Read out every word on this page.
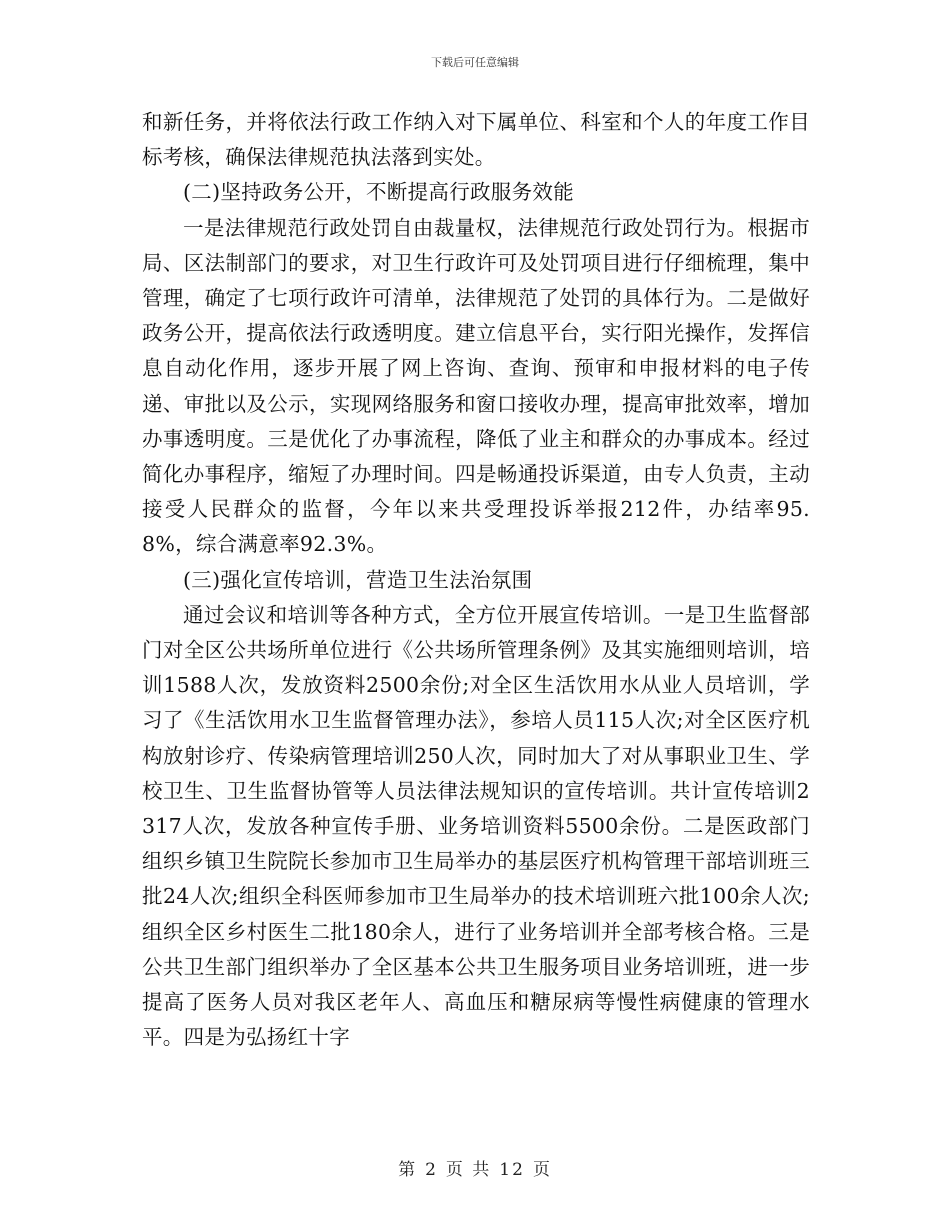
下载后可任意编辑

和新任务，并将依法行政工作纳入对下属单位、科室和个人的年度工作目标考核，确保法律规范执法落到实处。

(二)坚持政务公开，不断提高行政服务效能

一是法律规范行政处罚自由裁量权，法律规范行政处罚行为。根据市局、区法制部门的要求，对卫生行政许可及处罚项目进行仔细梳理，集中管理，确定了七项行政许可清单，法律规范了处罚的具体行为。二是做好政务公开，提高依法行政透明度。建立信息平台，实行阳光操作，发挥信息自动化作用，逐步开展了网上咨询、查询、预审和申报材料的电子传递、审批以及公示，实现网络服务和窗口接收办理，提高审批效率，增加办事透明度。三是优化了办事流程，降低了业主和群众的办事成本。经过简化办事程序，缩短了办理时间。四是畅通投诉渠道，由专人负责，主动接受人民群众的监督，今年以来共受理投诉举报212件，办结率95.8%，综合满意率92.3%。

(三)强化宣传培训，营造卫生法治氛围

通过会议和培训等各种方式，全方位开展宣传培训。一是卫生监督部门对全区公共场所单位进行《公共场所管理条例》及其实施细则培训，培训1588人次，发放资料2500余份;对全区生活饮用水从业人员培训，学习了《生活饮用水卫生监督管理办法》，参培人员115人次;对全区医疗机构放射诊疗、传染病管理培训250人次，同时加大了对从事职业卫生、学校卫生、卫生监督协管等人员法律法规知识的宣传培训。共计宣传培训2317人次，发放各种宣传手册、业务培训资料5500余份。二是医政部门组织乡镇卫生院院长参加市卫生局举办的基层医疗机构管理干部培训班三批24人次;组织全科医师参加市卫生局举办的技术培训班六批100余人次;组织全区乡村医生二批180余人，进行了业务培训并全部考核合格。三是公共卫生部门组织举办了全区基本公共卫生服务项目业务培训班，进一步提高了医务人员对我区老年人、高血压和糖尿病等慢性病健康的管理水平。四是为弘扬红十字

第 2 页 共 12 页
